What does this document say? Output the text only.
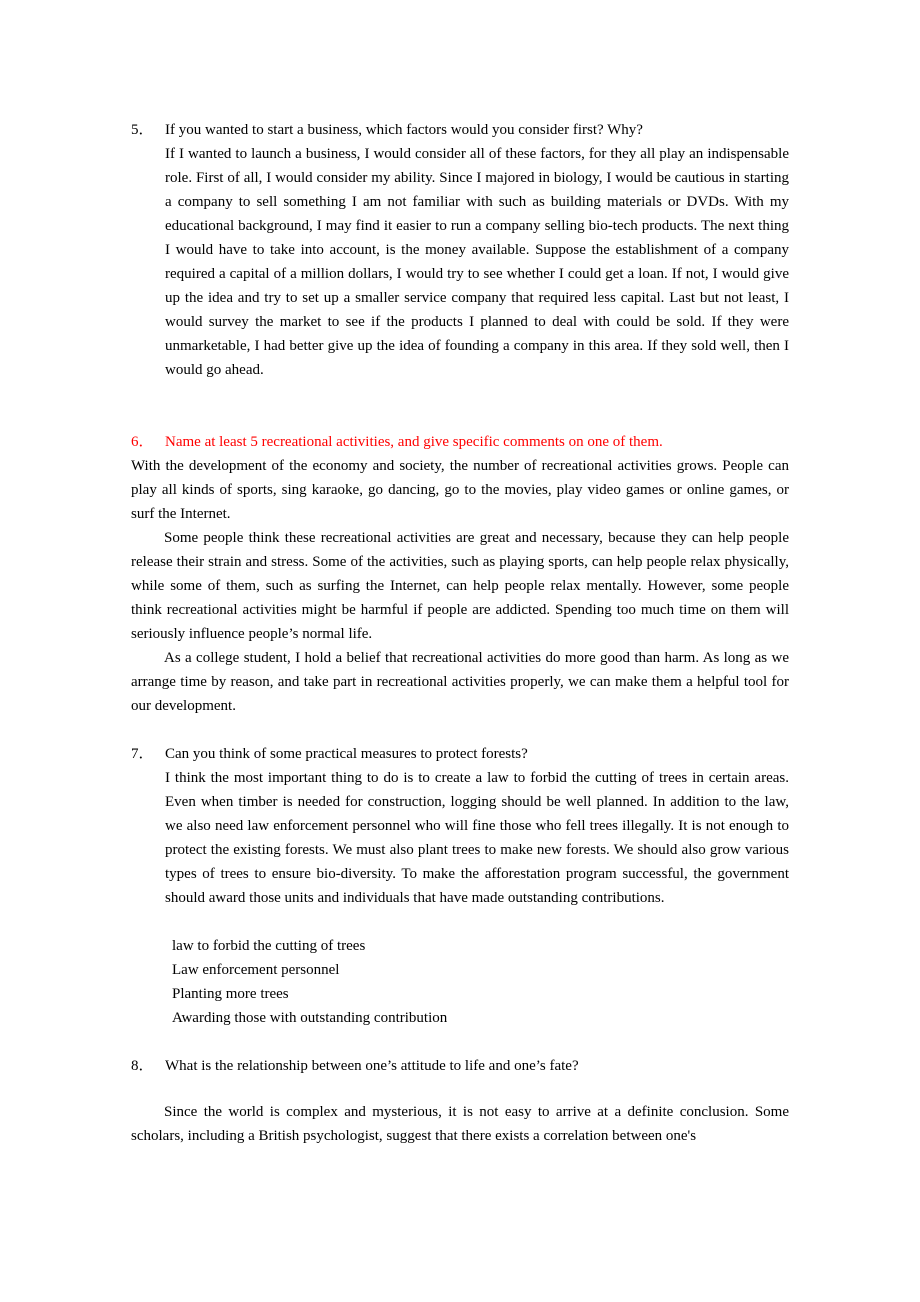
5． If you wanted to start a business, which factors would you consider first? Why?

If I wanted to launch a business, I would consider all of these factors, for they all play an indispensable role. First of all, I would consider my ability. Since I majored in biology, I would be cautious in starting a company to sell something I am not familiar with such as building materials or DVDs. With my educational background, I may find it easier to run a company selling bio-tech products. The next thing I would have to take into account, is the money available. Suppose the establishment of a company required a capital of a million dollars, I would try to see whether I could get a loan. If not, I would give up the idea and try to set up a smaller service company that required less capital. Last but not least, I would survey the market to see if the products I planned to deal with could be sold. If they were unmarketable, I had better give up the idea of founding a company in this area. If they sold well, then I would go ahead.

6． Name at least 5 recreational activities, and give specific comments on one of them.

With the development of the economy and society, the number of recreational activities grows. People can play all kinds of sports, sing karaoke, go dancing, go to the movies, play video games or online games, or surf the Internet.

Some people think these recreational activities are great and necessary, because they can help people release their strain and stress. Some of the activities, such as playing sports, can help people relax physically, while some of them, such as surfing the Internet, can help people relax mentally. However, some people think recreational activities might be harmful if people are addicted. Spending too much time on them will seriously influence people’s normal life.

As a college student, I hold a belief that recreational activities do more good than harm. As long as we arrange time by reason, and take part in recreational activities properly, we can make them a helpful tool for our development.

7． Can you think of some practical measures to protect forests?

I think the most important thing to do is to create a law to forbid the cutting of trees in certain areas. Even when timber is needed for construction, logging should be well planned. In addition to the law, we also need law enforcement personnel who will fine those who fell trees illegally. It is not enough to protect the existing forests. We must also plant trees to make new forests. We should also grow various types of trees to ensure bio-diversity. To make the afforestation program successful, the government should award those units and individuals that have made outstanding contributions.

law to forbid the cutting of trees
Law enforcement personnel
Planting more trees
Awarding those with outstanding contribution
8． What is the relationship between one’s attitude to life and one’s fate?

Since the world is complex and mysterious, it is not easy to arrive at a definite conclusion. Some scholars, including a British psychologist, suggest that there exists a correlation between one's
